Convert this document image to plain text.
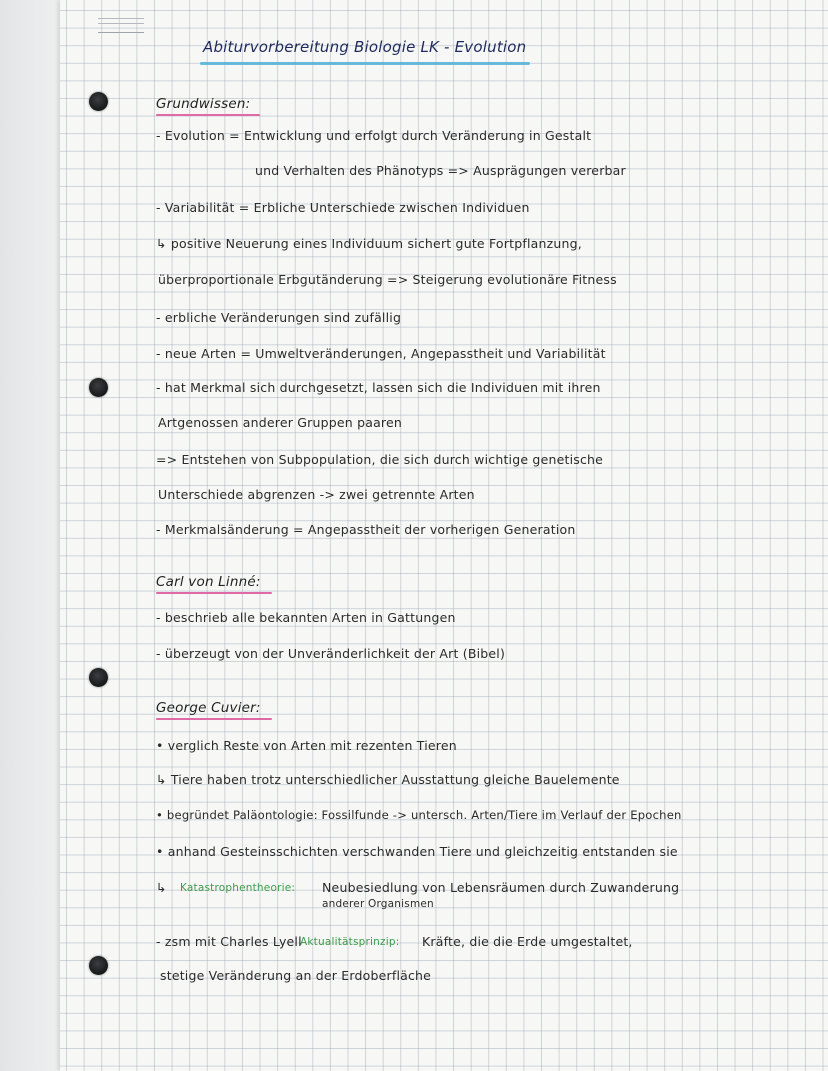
Abiturvorbereitung Biologie LK - Evolution
Grundwissen:
- Evolution = Entwicklung und erfolgt durch Veränderung in Gestalt
und Verhalten des Phänotyps => Ausprägungen vererbar
- Variabilität = Erbliche Unterschiede zwischen Individuen
↳ positive Neuerung eines Individuum sichert gute Fortpflanzung,
überproportionale Erbgutänderung => Steigerung evolutionäre Fitness
- erbliche Veränderungen sind zufällig
- neue Arten = Umweltveränderungen, Angepasstheit und Variabilität
- hat Merkmal sich durchgesetzt, lassen sich die Individuen mit ihren
Artgenossen anderer Gruppen paaren
=> Entstehen von Subpopulation, die sich durch wichtige genetische
Unterschiede abgrenzen -> zwei getrennte Arten
- Merkmalsänderung = Angepasstheit der vorherigen Generation
Carl von Linné:
- beschrieb alle bekannten Arten in Gattungen
- überzeugt von der Unveränderlichkeit der Art (Bibel)
George Cuvier:
• verglich Reste von Arten mit rezenten Tieren
↳ Tiere haben trotz unterschiedlicher Ausstattung gleiche Bauelemente
• begründet Paläontologie: Fossilfunde -> untersch. Arten/Tiere im Verlauf der Epochen
• anhand Gesteinsschichten verschwanden Tiere und gleichzeitig entstanden sie
↳ Katastrophentheorie: Neubesiedlung von Lebensräumen durch Zuwanderung
anderer Organismen
- zsm mit Charles Lyell
Aktualitätsprinzip: Kräfte, die die Erde umgestaltet,
stetige Veränderung an der Erdoberfläche
